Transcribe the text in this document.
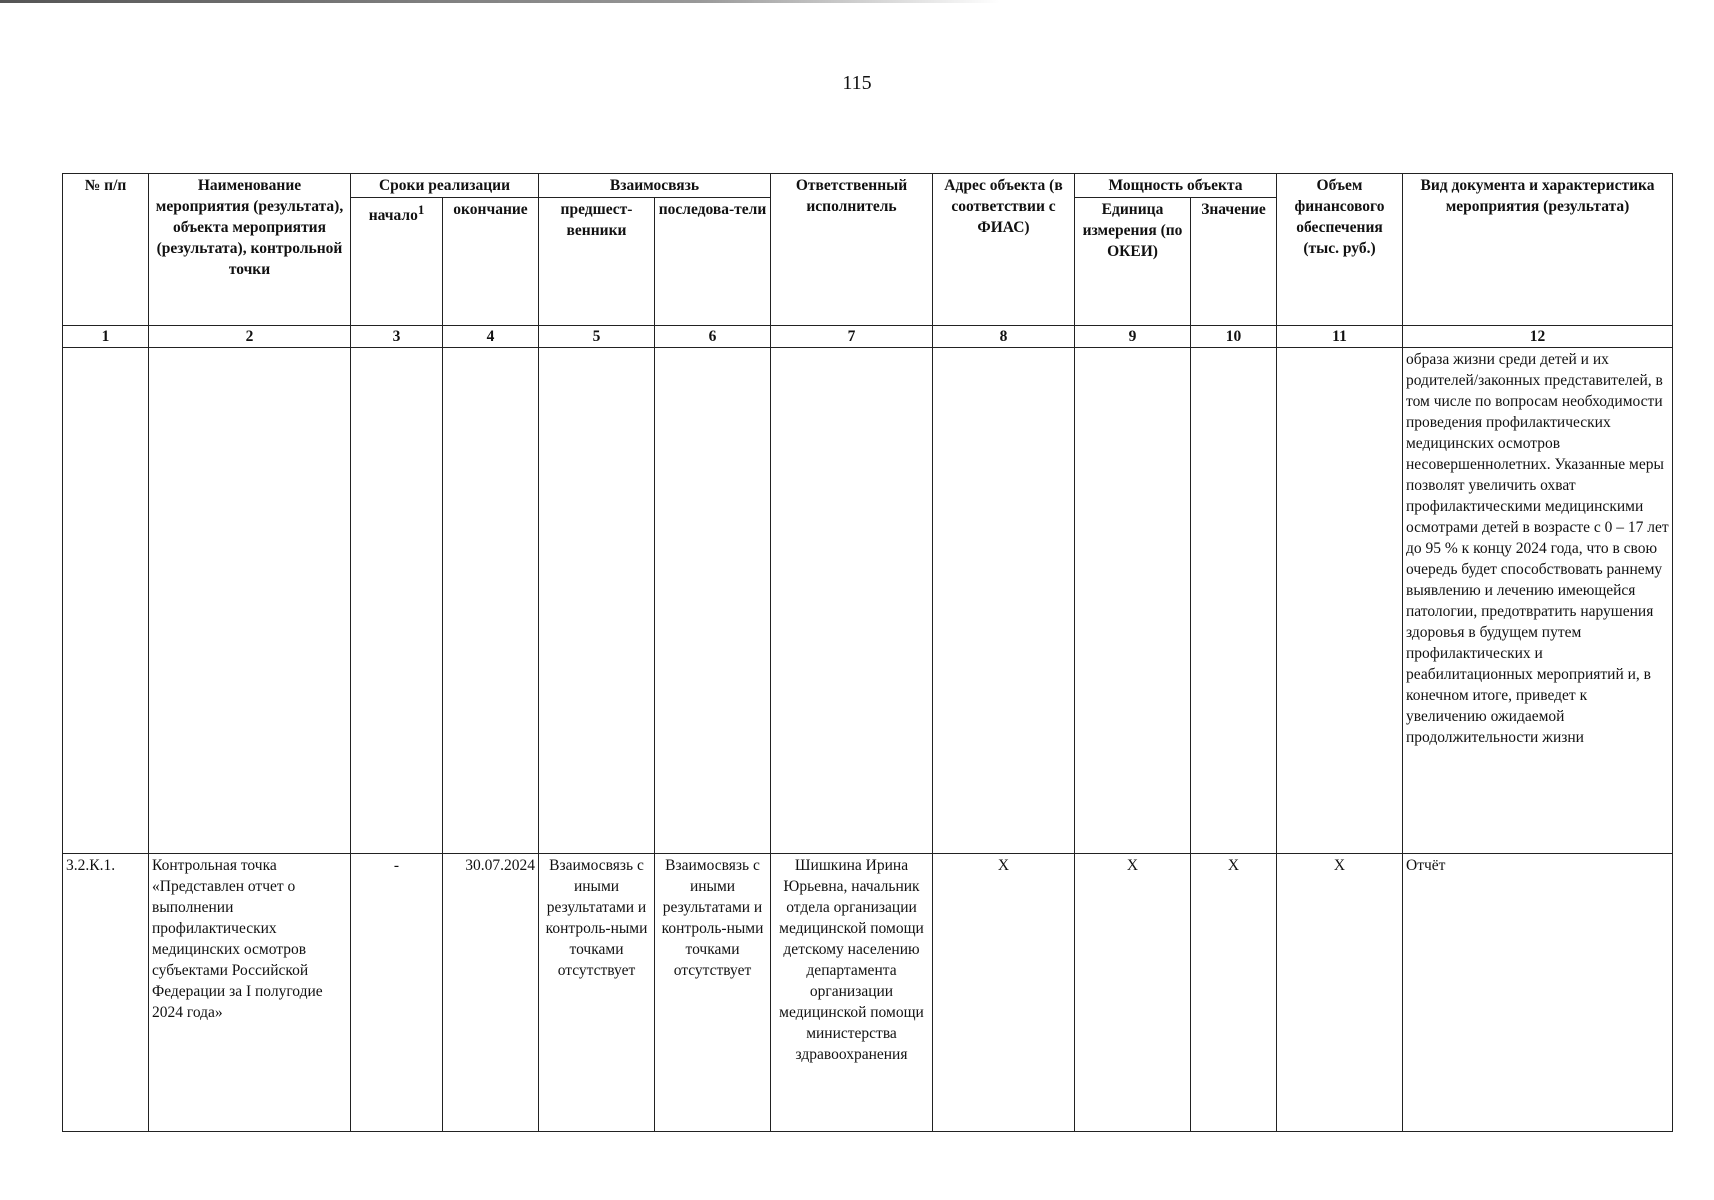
115
№ п/п	Наименование мероприятия (результата), объекта мероприятия (результата), контрольной точки	Сроки реализации		Взаимосвязь		Ответственный исполнитель	Адрес объекта (в соответствии с ФИАС)	Мощность объекта		Объем финансового обеспечения (тыс. руб.)	Вид документа и характеристика мероприятия (результата)
		начало$^1$	окончание	предшест-венники	последова-тели			Единица измерения (по ОКЕИ)	Значение		
1	2	3	4	5	6	7	8	9	10	11	12
											образа жизни среди детей и их родителей/законных представителей, в том числе по вопросам необходимости проведения профилактических медицинских осмотров несовершеннолетних. Указанные меры позволят увеличить охват профилактическими медицинскими осмотрами детей в возрасте с 0 – 17 лет до 95 % к концу 2024 года, что в свою очередь будет способствовать раннему выявлению и лечению имеющейся патологии, предотвратить нарушения здоровья в будущем путем профилактических и реабилитационных мероприятий и, в конечном итоге, приведет к увеличению ожидаемой продолжительности жизни
3.2.К.1.	Контрольная точка «Представлен отчет о выполнении профилактических медицинских осмотров субъектами Российской Федерации за I полугодие 2024 года»	-	30.07.2024	Взаимосвязь с иными результатами и контроль-ными точками отсутствует	Взаимосвязь с иными результатами и контроль-ными точками отсутствует	Шишкина Ирина Юрьевна, начальник отдела организации медицинской помощи детскому населению департамента организации медицинской помощи министерства здравоохранения	X	X	X	X	Отчёт
